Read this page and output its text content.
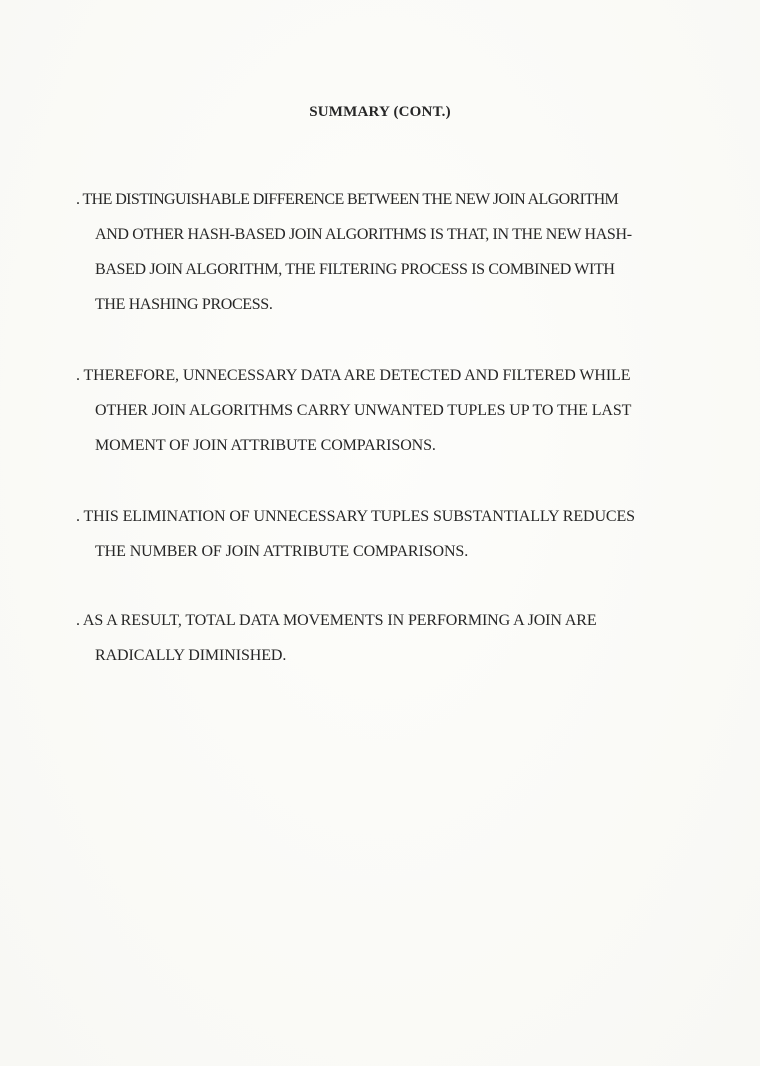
SUMMARY (CONT.)
. THE DISTINGUISHABLE DIFFERENCE BETWEEN THE NEW JOIN ALGORITHM
AND OTHER HASH-BASED JOIN ALGORITHMS IS THAT, IN THE NEW HASH-
BASED JOIN ALGORITHM, THE FILTERING PROCESS IS COMBINED WITH
THE HASHING PROCESS.
. THEREFORE, UNNECESSARY DATA ARE DETECTED AND FILTERED WHILE
OTHER JOIN ALGORITHMS CARRY UNWANTED TUPLES UP TO THE LAST
MOMENT OF JOIN ATTRIBUTE COMPARISONS.
. THIS ELIMINATION OF UNNECESSARY TUPLES SUBSTANTIALLY REDUCES
THE NUMBER OF JOIN ATTRIBUTE COMPARISONS.
. AS A RESULT, TOTAL DATA MOVEMENTS IN PERFORMING A JOIN ARE
RADICALLY DIMINISHED.
